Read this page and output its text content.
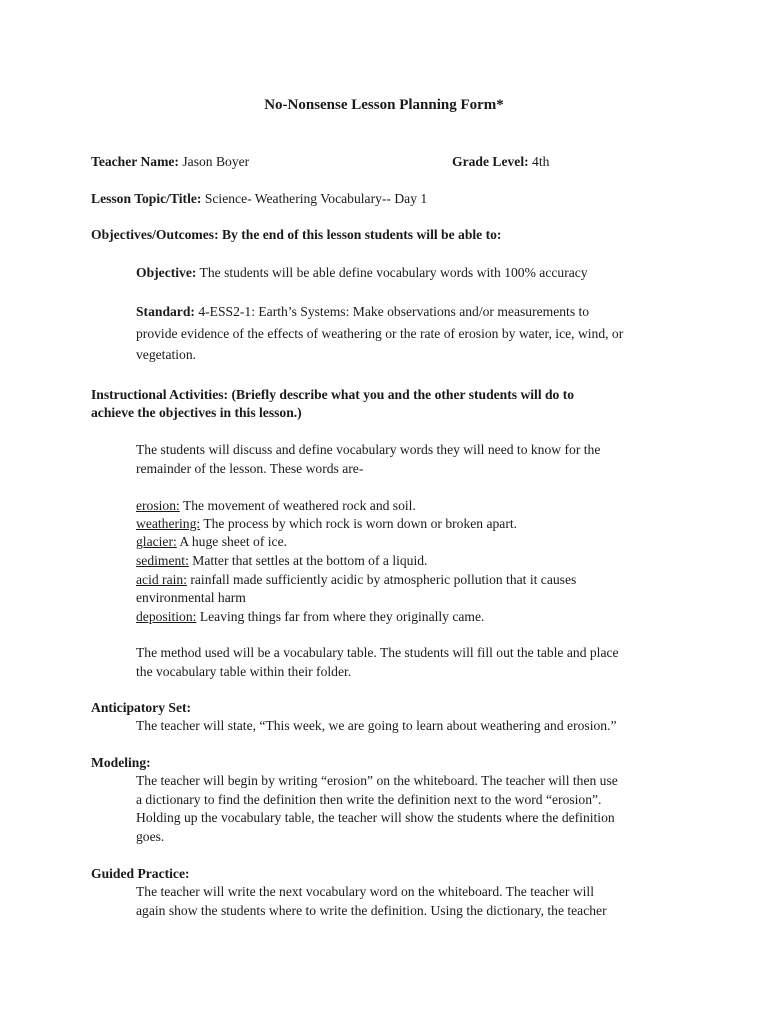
No-Nonsense Lesson Planning Form*
Teacher Name: Jason Boyer	Grade Level: 4th
Lesson Topic/Title: Science- Weathering Vocabulary-- Day 1
Objectives/Outcomes: By the end of this lesson students will be able to:
Objective: The students will be able define vocabulary words with 100% accuracy
Standard: 4-ESS2-1: Earth’s Systems: Make observations and/or measurements to
provide evidence of the effects of weathering or the rate of erosion by water, ice, wind, or
vegetation.
Instructional Activities: (Briefly describe what you and the other students will do to
achieve the objectives in this lesson.)
The students will discuss and define vocabulary words they will need to know for the
remainder of the lesson. These words are-
erosion: The movement of weathered rock and soil.
weathering: The process by which rock is worn down or broken apart.
glacier: A huge sheet of ice.
sediment: Matter that settles at the bottom of a liquid.
acid rain: rainfall made sufficiently acidic by atmospheric pollution that it causes
environmental harm
deposition: Leaving things far from where they originally came.
The method used will be a vocabulary table. The students will fill out the table and place
the vocabulary table within their folder.
Anticipatory Set:
The teacher will state, “This week, we are going to learn about weathering and erosion.”
Modeling:
The teacher will begin by writing “erosion” on the whiteboard. The teacher will then use
a dictionary to find the definition then write the definition next to the word “erosion”.
Holding up the vocabulary table, the teacher will show the students where the definition
goes.
Guided Practice:
The teacher will write the next vocabulary word on the whiteboard. The teacher will
again show the students where to write the definition. Using the dictionary, the teacher
